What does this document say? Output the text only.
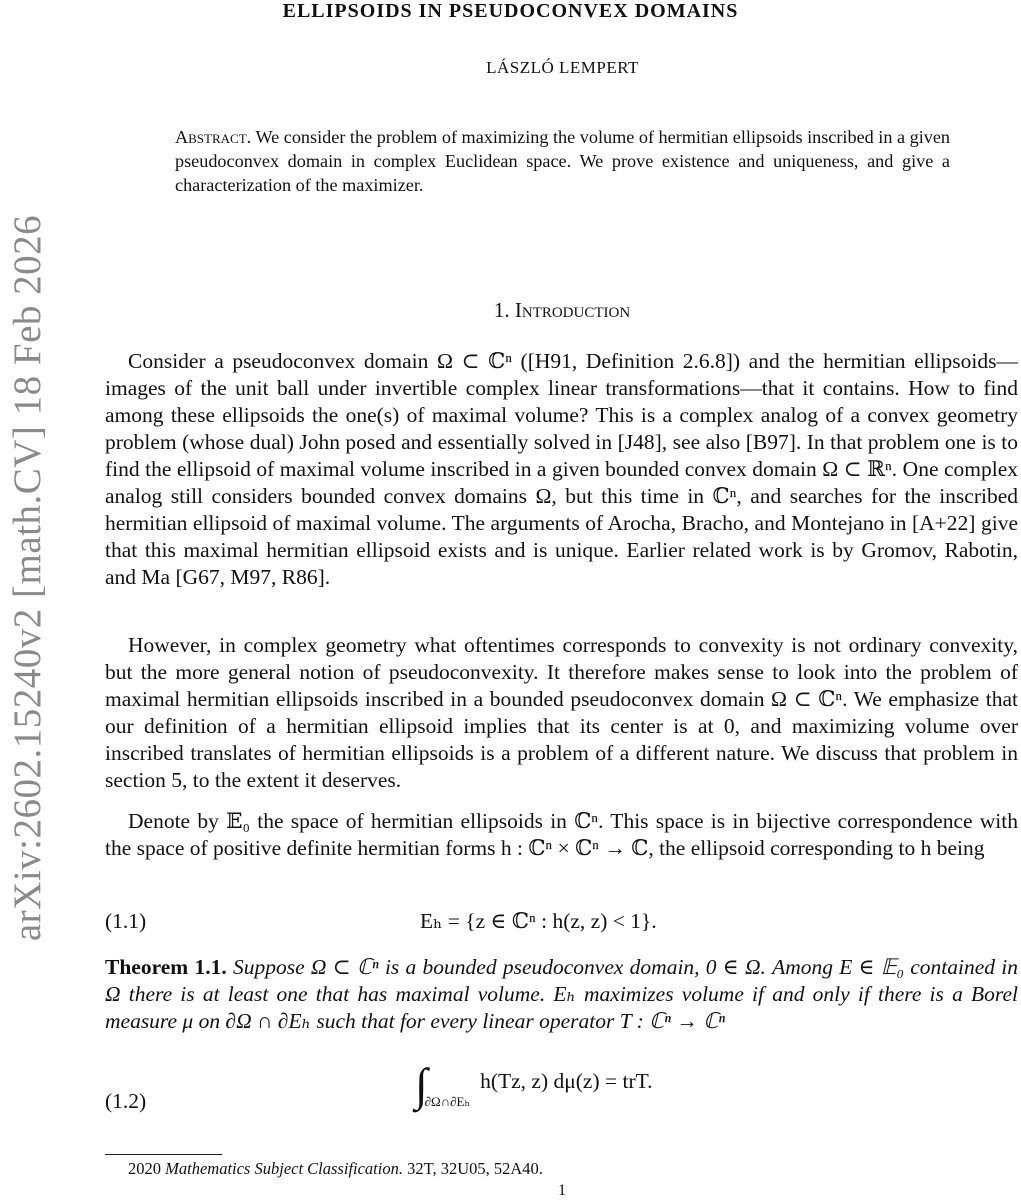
arXiv:2602.15240v2 [math.CV] 18 Feb 2026
ELLIPSOIDS IN PSEUDOCONVEX DOMAINS
LÁSZLÓ LEMPERT
Abstract. We consider the problem of maximizing the volume of hermitian ellipsoids inscribed in a given pseudoconvex domain in complex Euclidean space. We prove existence and uniqueness, and give a characterization of the maximizer.
1. Introduction

Consider a pseudoconvex domain Ω ⊂ ℂⁿ ([H91, Definition 2.6.8]) and the hermitian ellipsoids—images of the unit ball under invertible complex linear transformations—that it contains. How to find among these ellipsoids the one(s) of maximal volume? This is a complex analog of a convex geometry problem (whose dual) John posed and essentially solved in [J48], see also [B97]. In that problem one is to find the ellipsoid of maximal volume inscribed in a given bounded convex domain Ω ⊂ ℝⁿ. One complex analog still considers bounded convex domains Ω, but this time in ℂⁿ, and searches for the inscribed hermitian ellipsoid of maximal volume. The arguments of Arocha, Bracho, and Montejano in [A+22] give that this maximal hermitian ellipsoid exists and is unique. Earlier related work is by Gromov, Rabotin, and Ma [G67, M97, R86].

However, in complex geometry what oftentimes corresponds to convexity is not ordinary convexity, but the more general notion of pseudoconvexity. It therefore makes sense to look into the problem of maximal hermitian ellipsoids inscribed in a bounded pseudoconvex domain Ω ⊂ ℂⁿ. We emphasize that our definition of a hermitian ellipsoid implies that its center is at 0, and maximizing volume over inscribed translates of hermitian ellipsoids is a problem of a different nature. We discuss that problem in section 5, to the extent it deserves.

Denote by 𝔼₀ the space of hermitian ellipsoids in ℂⁿ. This space is in bijective correspondence with the space of positive definite hermitian forms h : ℂⁿ × ℂⁿ → ℂ, the ellipsoid corresponding to h being

(1.1)	Eₕ = {z ∈ ℂⁿ : h(z, z) < 1}.
Theorem 1.1. Suppose Ω ⊂ ℂⁿ is a bounded pseudoconvex domain, 0 ∈ Ω. Among E ∈ 𝔼₀ contained in Ω there is at least one that has maximal volume. Eₕ maximizes volume if and only if there is a Borel measure μ on ∂Ω ∩ ∂Eₕ such that for every linear operator T : ℂⁿ → ℂⁿ
(1.2)	$\int_{\partial\Omega\cap\partial E_h}h(Tz$, z) dμ(z) = trT.
2020 Mathematics Subject Classification. 32T, 32U05, 52A40.
1
